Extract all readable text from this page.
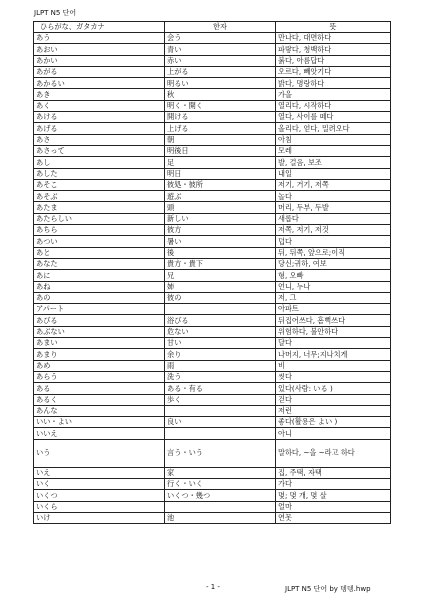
JLPT N5 단어
ひらがな、ガタカナ	한자	뜻
あう	会う	만나다, 대면하다
あおい	青い	파랗다, 청백하다
あかい	赤い	붉다, 아름답다
あがる	上がる	오르다, 빼앗기다
あかるい	明るい	밝다, 명랑하다
あき	秋	가을
あく	明く・開く	열리다, 시작하다
あける	開ける	열다, 사이를 떼다
あげる	上げる	올리다, 얻다, 밀려오다
あさ	朝	아침
あさって	明後日	모레
あし	足	발, 걸음, 보조
あした	明日	내일
あそこ	彼処・彼所	저기, 거기, 저쪽
あそぶ	遊ぶ	놀다
あたま	頭	머리, 두부, 두발
あたらしい	新しい	새롭다
あちら	彼方	저쪽, 저기, 저것
あつい	暑い	덥다
あと	後	뒤, 뒤쪽, 앞으로;이직
あなた	貴方・貴下	당신;귀하, 여보
あに	兄	형, 오빠
あね	姉	언니, 누나
あの	彼の	저, 그
アパート		아파트
あびる	浴びる	뒤집어쓰다, 흠뻑쓰다
あぶない	危ない	위험하다, 불안하다
あまい	甘い	달다
あまり	余り	나머지, 너무;지나치게
あめ	雨	비
あらう	洗う	씻다
ある	ある・有る	있다(사람: いる )
あるく	歩く	걷다
あんな		저런
いい・よい	良い	좋다(활용은 よい )
いいえ		아니
いう	言う・いう	말하다, ~을 ~라고 하다
いえ	家	집, 주택, 자택
いく	行く・いく	가다
いくつ	いくつ・幾つ	몇; 몇 개, 몇 살
いくら		얼마
いけ	池	연못
- 1 -	JLPT N5 단어 by 뎅뎅.hwp
